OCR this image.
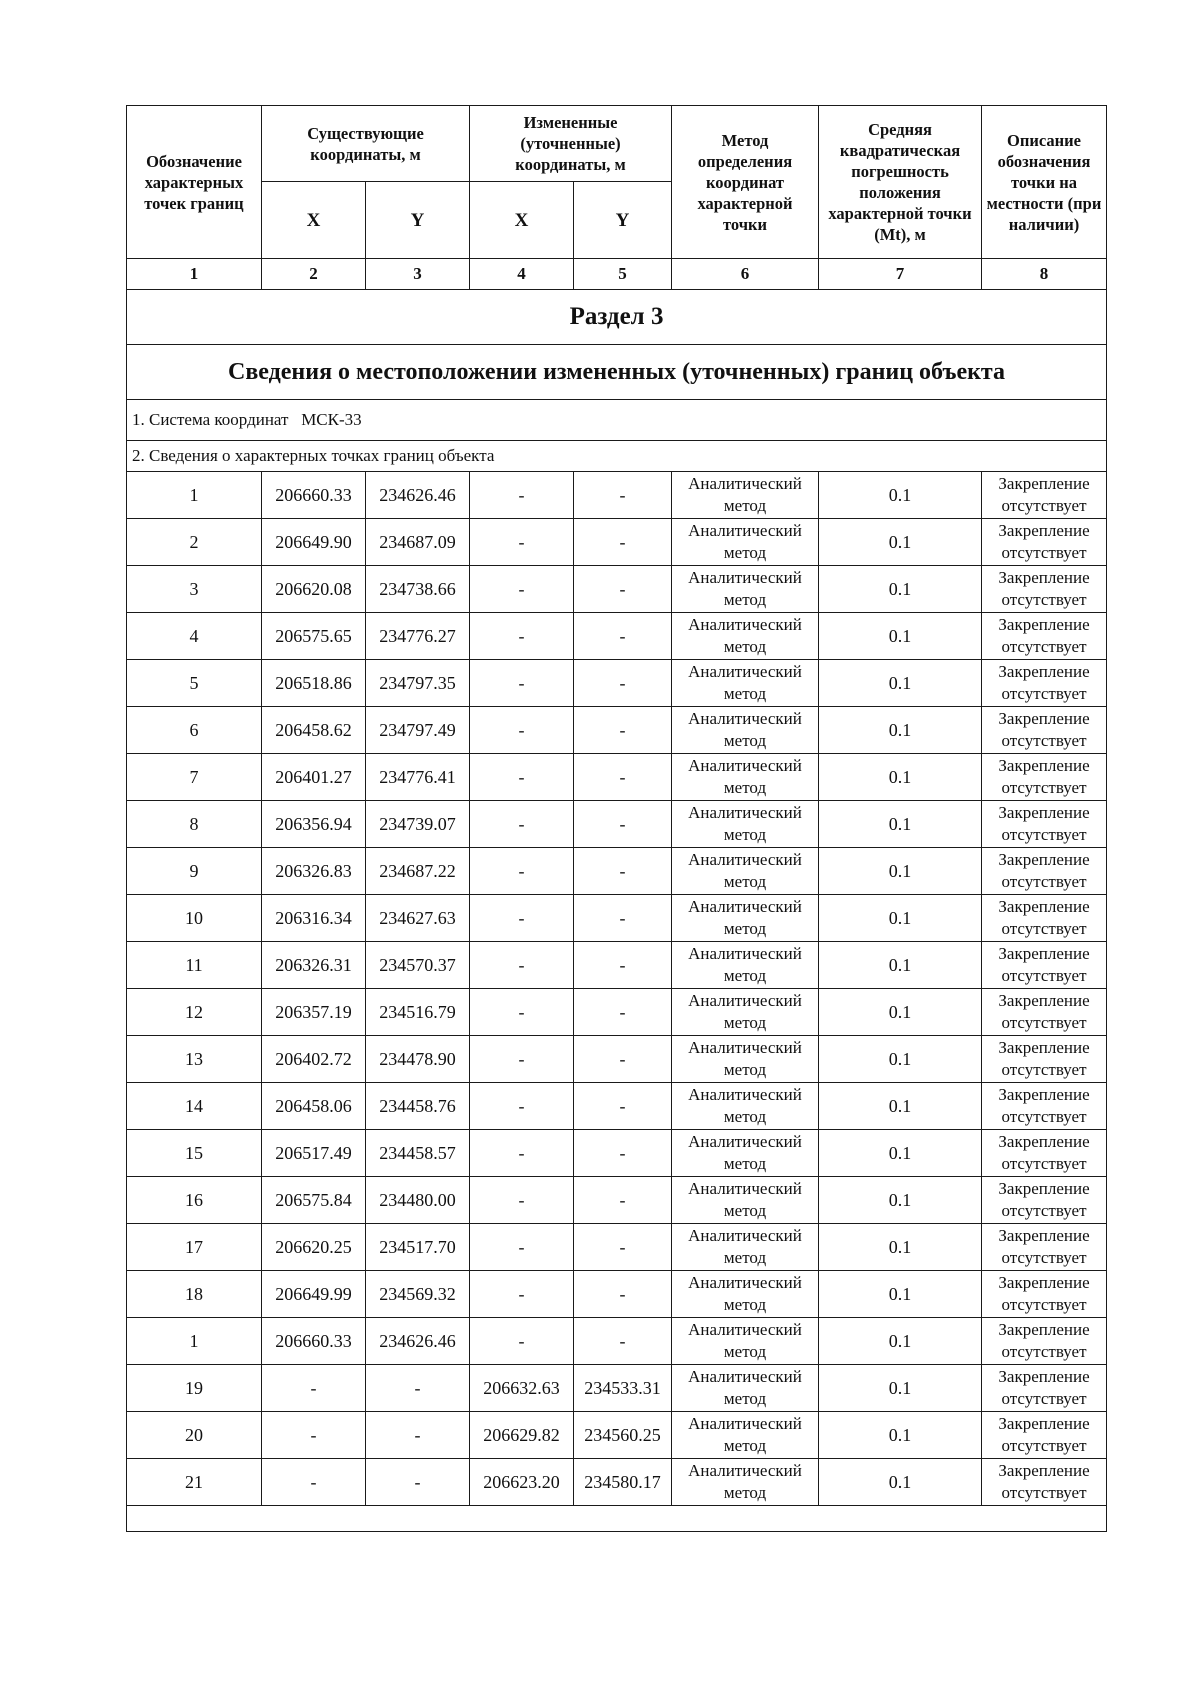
Раздел 3							
Сведения о местоположении измененных (уточненных) границ объекта							
1. Система координат   МСК-33							
2. Сведения о характерных точках границ объекта							
Обозначение характерных точек границ	Существующие координаты, м		Измененные (уточненные) координаты, м		Метод определения координат характерной точки	Средняя квадратическая погрешность положения характерной точки (Mt), м	Описание обозначения точки на местности (при наличии)
	X	Y	X	Y			
1	2	3	4	5	6	7	8
1	206660.33	234626.46	-	-	Аналитический метод	0.1	Закрепление отсутствует
2	206649.90	234687.09	-	-	Аналитический метод	0.1	Закрепление отсутствует
3	206620.08	234738.66	-	-	Аналитический метод	0.1	Закрепление отсутствует
4	206575.65	234776.27	-	-	Аналитический метод	0.1	Закрепление отсутствует
5	206518.86	234797.35	-	-	Аналитический метод	0.1	Закрепление отсутствует
6	206458.62	234797.49	-	-	Аналитический метод	0.1	Закрепление отсутствует
7	206401.27	234776.41	-	-	Аналитический метод	0.1	Закрепление отсутствует
8	206356.94	234739.07	-	-	Аналитический метод	0.1	Закрепление отсутствует
9	206326.83	234687.22	-	-	Аналитический метод	0.1	Закрепление отсутствует
10	206316.34	234627.63	-	-	Аналитический метод	0.1	Закрепление отсутствует
11	206326.31	234570.37	-	-	Аналитический метод	0.1	Закрепление отсутствует
12	206357.19	234516.79	-	-	Аналитический метод	0.1	Закрепление отсутствует
13	206402.72	234478.90	-	-	Аналитический метод	0.1	Закрепление отсутствует
14	206458.06	234458.76	-	-	Аналитический метод	0.1	Закрепление отсутствует
15	206517.49	234458.57	-	-	Аналитический метод	0.1	Закрепление отсутствует
16	206575.84	234480.00	-	-	Аналитический метод	0.1	Закрепление отсутствует
17	206620.25	234517.70	-	-	Аналитический метод	0.1	Закрепление отсутствует
18	206649.99	234569.32	-	-	Аналитический метод	0.1	Закрепление отсутствует
1	206660.33	234626.46	-	-	Аналитический метод	0.1	Закрепление отсутствует
19	-	-	206632.63	234533.31	Аналитический метод	0.1	Закрепление отсутствует
20	-	-	206629.82	234560.25	Аналитический метод	0.1	Закрепление отсутствует
21	-	-	206623.20	234580.17	Аналитический метод	0.1	Закрепление отсутствует
